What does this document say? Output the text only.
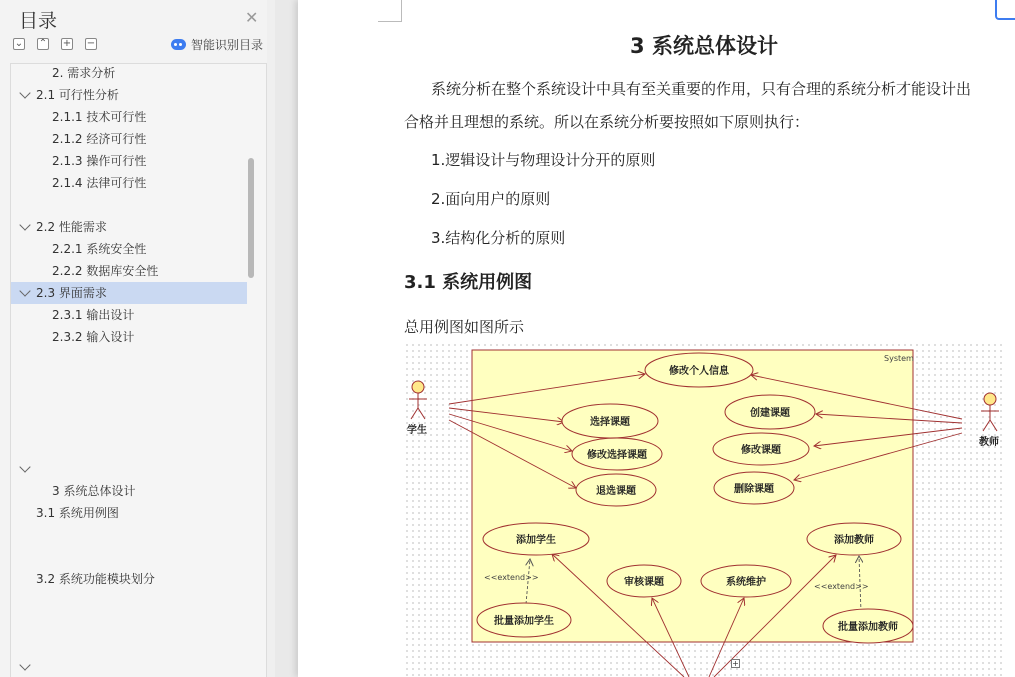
目录	✕
⌄ ⌃ + −	智能识别目录
2. 需求分析
2.1 可行性分析
2.1.1 技术可行性
2.1.2 经济可行性
2.1.3 操作可行性
2.1.4 法律可行性
2.2 性能需求
2.2.1 系统安全性
2.2.2 数据库安全性
2.3 界面需求
2.3.1 输出设计
2.3.2 输入设计
3 系统总体设计
3.1 系统用例图
3.2 系统功能模块划分
3 系统总体设计
系统分析在整个系统设计中具有至关重要的作用，只有合理的系统分析才能设计出
合格并且理想的系统。所以在系统分析要按照如下原则执行：
1.逻辑设计与物理设计分开的原则
2.面向用户的原则
3.结构化分析的原则
3.1 系统用例图
总用例图如图所示
System
学生
教师
<<extend>>
<<extend>>
修改个人信息
选择课题
修改选择课题
退选课题
创建课题
修改课题
删除课题
添加学生
批量添加学生
审核课题	系统维护
添加教师
批量添加教师
+
